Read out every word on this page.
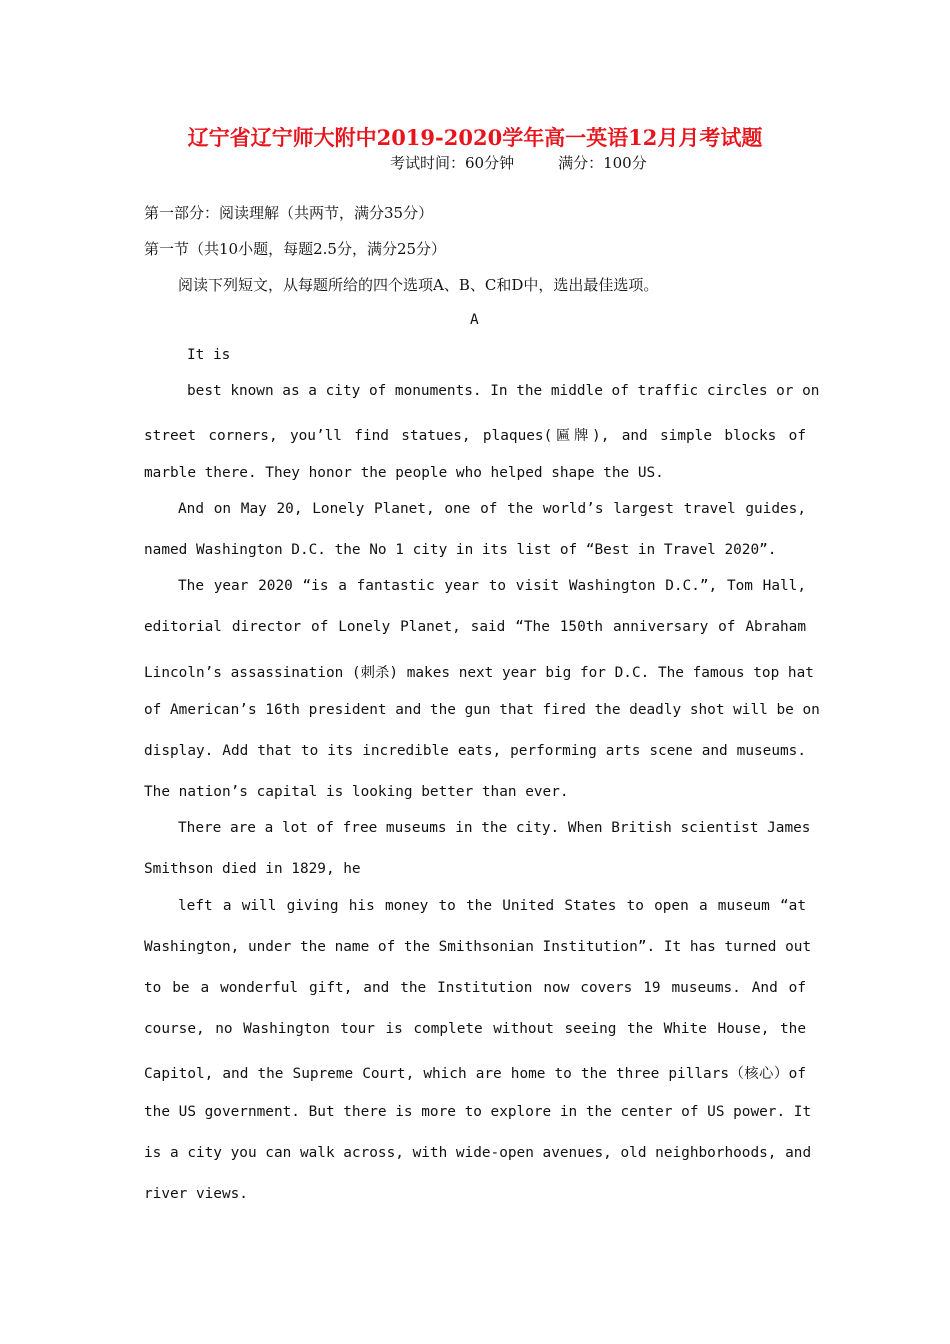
辽宁省辽宁师大附中2019-2020学年高一英语12月月考试题
考试时间：60分钟	满分：100分
第一部分：阅读理解（共两节，满分35分）
第一节（共10小题，每题2.5分，满分25分）
阅读下列短文，从每题所给的四个选项A、B、C和D中，选出最佳选项。
A
It is
best known as a city of monuments. In the middle of traffic circles or on
street corners, you’ll find statues, plaques(匾牌), and simple blocks of
marble there. They honor the people who helped shape the US.
And on May 20, Lonely Planet, one of the world’s largest travel guides,
named Washington D.C. the No 1 city in its list of “Best in Travel 2020”.
The year 2020 “is a fantastic year to visit Washington D.C.”, Tom Hall,
editorial director of Lonely Planet, said “The 150th anniversary of Abraham
Lincoln’s assassination (刺杀) makes next year big for D.C. The famous top hat
of American’s 16th president and the gun that fired the deadly shot will be on
display. Add that to its incredible eats, performing arts scene and museums.
The nation’s capital is looking better than ever.
There are a lot of free museums in the city. When British scientist James
Smithson died in 1829, he
left a will giving his money to the United States to open a museum “at
Washington, under the name of the Smithsonian Institution”. It has turned out
to be a wonderful gift, and the Institution now covers 19 museums. And of
course, no Washington tour is complete without seeing the White House, the
Capitol, and the Supreme Court, which are home to the three pillars（核心）of
the US government. But there is more to explore in the center of US power. It
is a city you can walk across, with wide-open avenues, old neighborhoods, and
river views.
